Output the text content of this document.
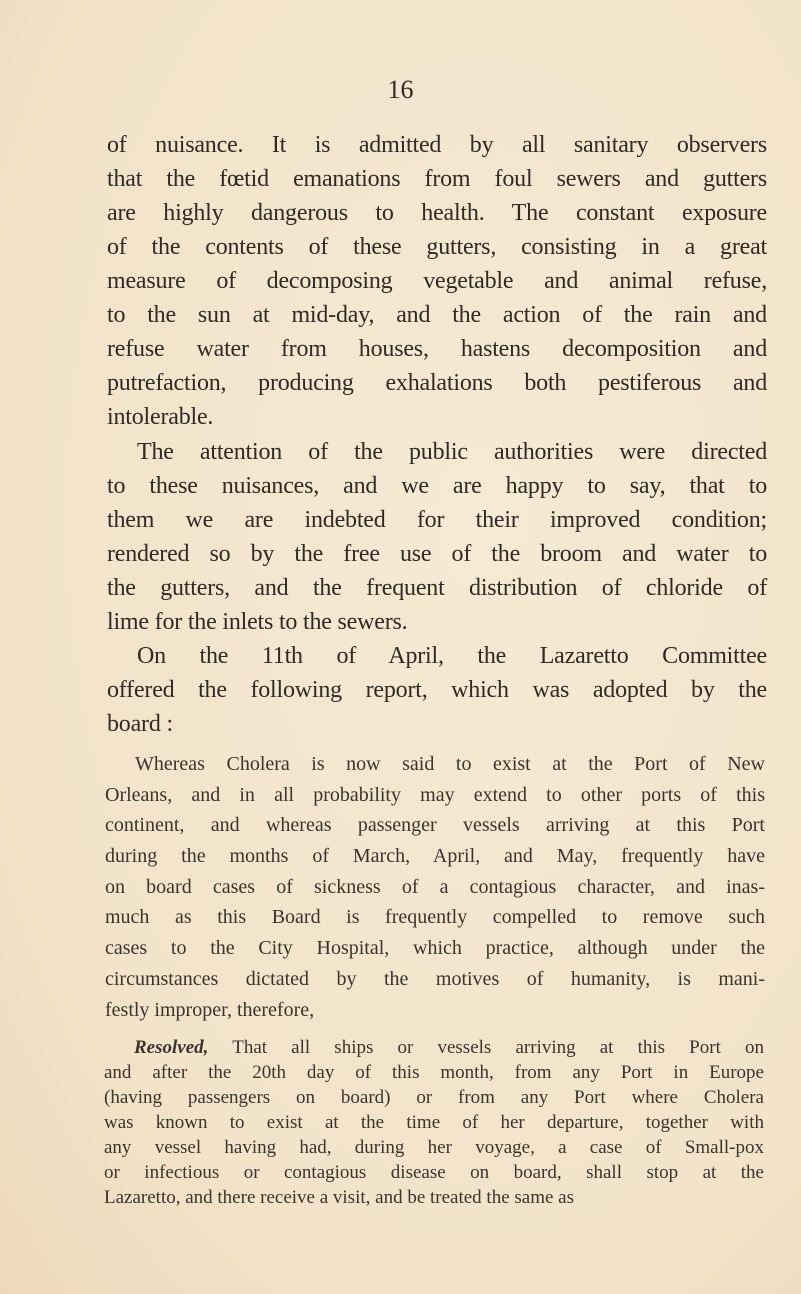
16
of nuisance. It is admitted by all sanitary observers
that the fœtid emanations from foul sewers and gutters
are highly dangerous to health. The constant exposure
of the contents of these gutters, consisting in a great
measure of decomposing vegetable and animal refuse,
to the sun at mid-day, and the action of the rain and
refuse water from houses, hastens decomposition and
putrefaction, producing exhalations both pestiferous and
intolerable.
The attention of the public authorities were directed
to these nuisances, and we are happy to say, that to
them we are indebted for their improved condition;
rendered so by the free use of the broom and water to
the gutters, and the frequent distribution of chloride of
lime for the inlets to the sewers.
On the 11th of April, the Lazaretto Committee
offered the following report, which was adopted by the
board :
Whereas Cholera is now said to exist at the Port of New
Orleans, and in all probability may extend to other ports of this
continent, and whereas passenger vessels arriving at this Port
during the months of March, April, and May, frequently have
on board cases of sickness of a contagious character, and inas-
much as this Board is frequently compelled to remove such
cases to the City Hospital, which practice, although under the
circumstances dictated by the motives of humanity, is mani-
festly improper, therefore,
Resolved, That all ships or vessels arriving at this Port on
and after the 20th day of this month, from any Port in Europe
(having passengers on board) or from any Port where Cholera
was known to exist at the time of her departure, together with
any vessel having had, during her voyage, a case of Small-pox
or infectious or contagious disease on board, shall stop at the
Lazaretto, and there receive a visit, and be treated the same as
